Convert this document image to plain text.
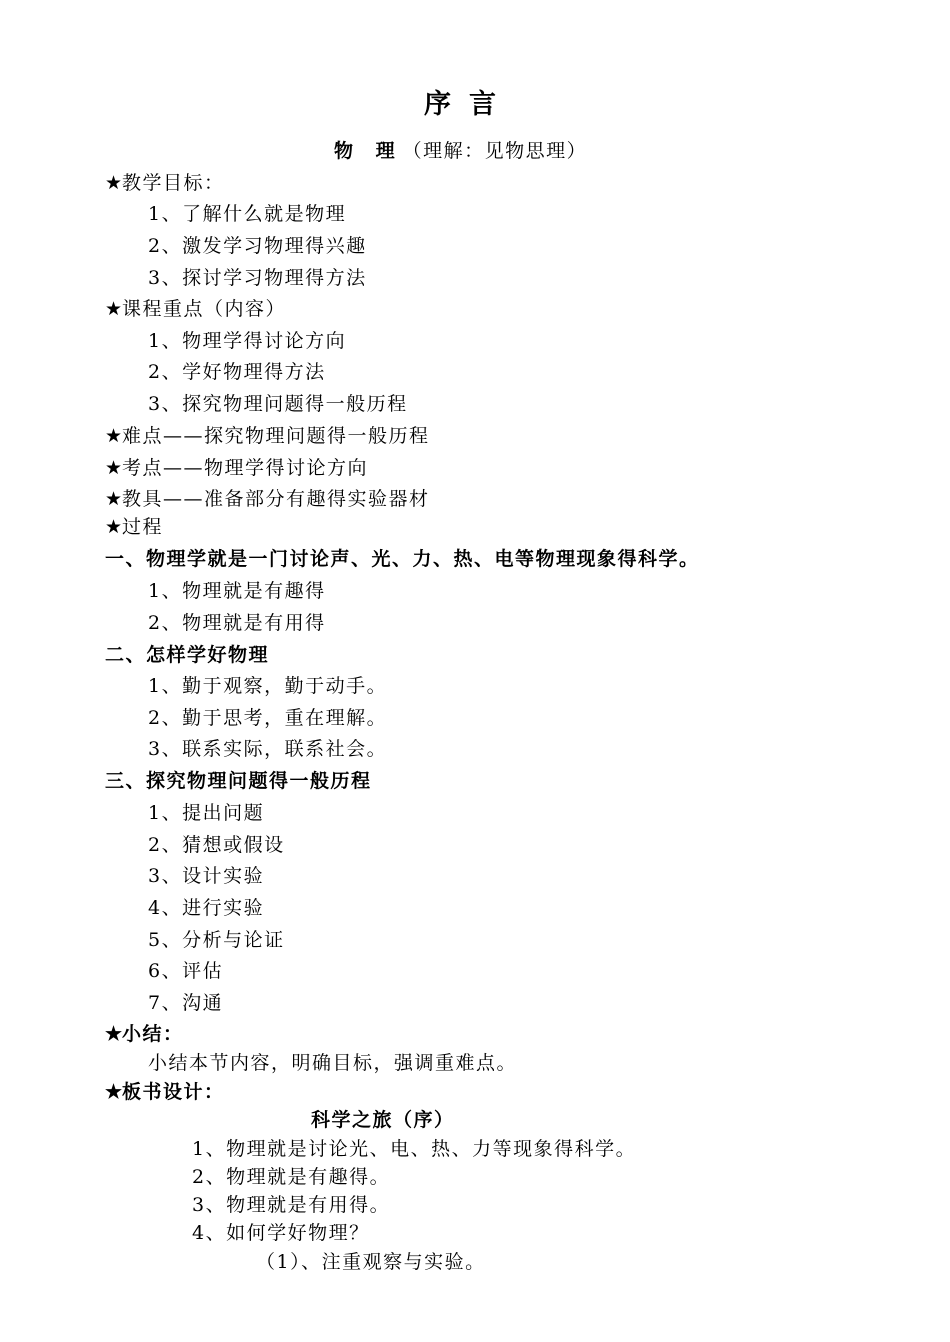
序言
物 理（理解：见物思理）
★教学目标：
1、了解什么就是物理
2、激发学习物理得兴趣
3、探讨学习物理得方法
★课程重点（内容）
1、物理学得讨论方向
2、学好物理得方法
3、探究物理问题得一般历程
★难点——探究物理问题得一般历程
★考点——物理学得讨论方向
★教具——准备部分有趣得实验器材
★过程
一、物理学就是一门讨论声、光、力、热、电等物理现象得科学。
1、物理就是有趣得
2、物理就是有用得
二、怎样学好物理
1、勤于观察，勤于动手。
2、勤于思考，重在理解。
3、联系实际，联系社会。
三、探究物理问题得一般历程
1、提出问题
2、猜想或假设
3、设计实验
4、进行实验
5、分析与论证
6、评估
7、沟通
★小结：
小结本节内容，明确目标，强调重难点。
★板书设计：
科学之旅（序）
1、物理就是讨论光、电、热、力等现象得科学。
2、物理就是有趣得。
3、物理就是有用得。
4、如何学好物理？
（1）、注重观察与实验。
